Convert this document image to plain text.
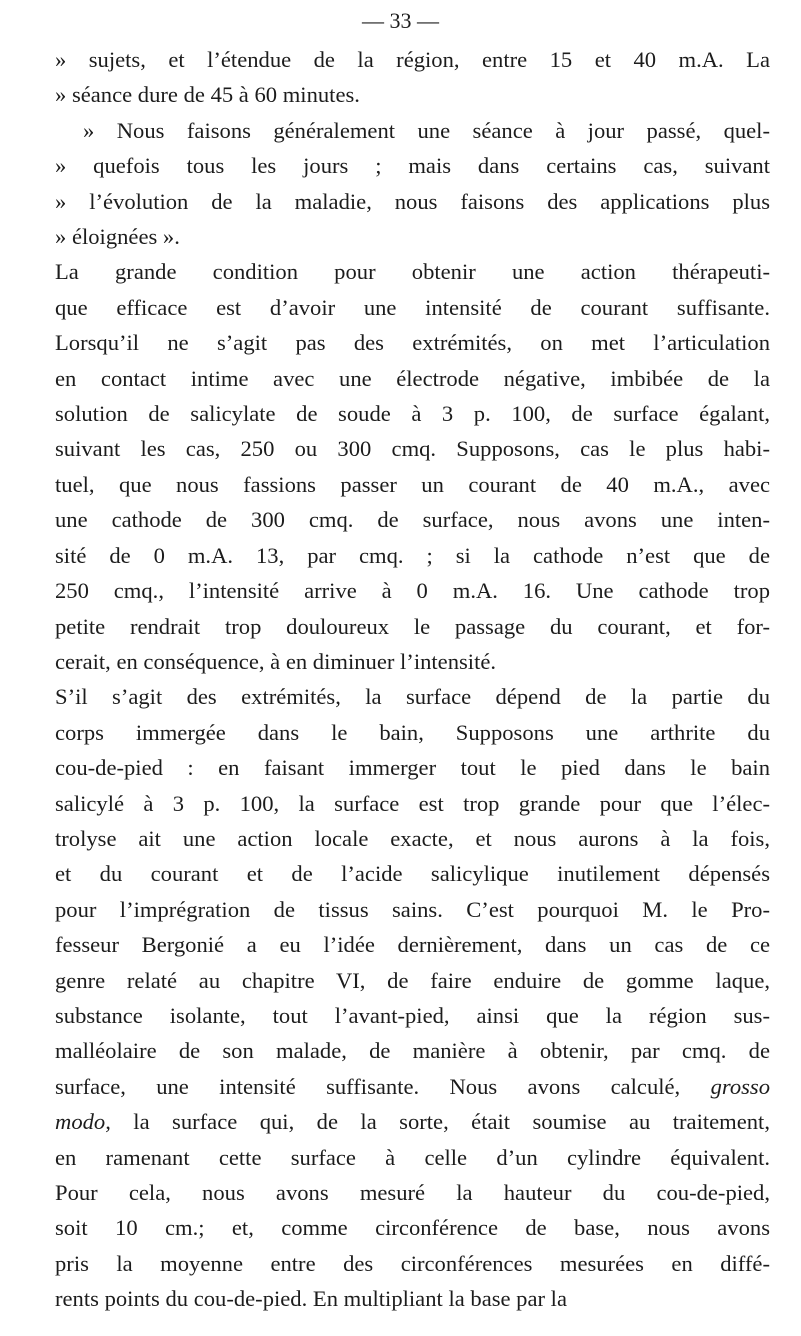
— 33 —
» sujets, et l’étendue de la région, entre 15 et 40 m.A. La
» séance dure de 45 à 60 minutes.
» Nous faisons généralement une séance à jour passé, quel-
» quefois tous les jours ; mais dans certains cas, suivant
» l’évolution de la maladie, nous faisons des applications plus
» éloignées ».
La grande condition pour obtenir une action thérapeuti-
que efficace est d’avoir une intensité de courant suffisante.
Lorsqu’il ne s’agit pas des extrémités, on met l’articulation
en contact intime avec une électrode négative, imbibée de la
solution de salicylate de soude à 3 p. 100, de surface égalant,
suivant les cas, 250 ou 300 cmq. Supposons, cas le plus habi-
tuel, que nous fassions passer un courant de 40 m.A., avec
une cathode de 300 cmq. de surface, nous avons une inten-
sité de 0 m.A. 13, par cmq. ; si la cathode n’est que de
250 cmq., l’intensité arrive à 0 m.A. 16. Une cathode trop
petite rendrait trop douloureux le passage du courant, et for-
cerait, en conséquence, à en diminuer l’intensité.
S’il s’agit des extrémités, la surface dépend de la partie du
corps immergée dans le bain, Supposons une arthrite du
cou-de-pied : en faisant immerger tout le pied dans le bain
salicylé à 3 p. 100, la surface est trop grande pour que l’élec-
trolyse ait une action locale exacte, et nous aurons à la fois,
et du courant et de l’acide salicylique inutilement dépensés
pour l’imprégration de tissus sains. C’est pourquoi M. le Pro-
fesseur Bergonié a eu l’idée dernièrement, dans un cas de ce
genre relaté au chapitre VI, de faire enduire de gomme laque,
substance isolante, tout l’avant-pied, ainsi que la région sus-
malléolaire de son malade, de manière à obtenir, par cmq. de
surface, une intensité suffisante. Nous avons calculé, grosso
modo, la surface qui, de la sorte, était soumise au traitement,
en ramenant cette surface à celle d’un cylindre équivalent.
Pour cela, nous avons mesuré la hauteur du cou-de-pied,
soit 10 cm.; et, comme circonférence de base, nous avons
pris la moyenne entre des circonférences mesurées en diffé-
rents points du cou-de-pied. En multipliant la base par la
